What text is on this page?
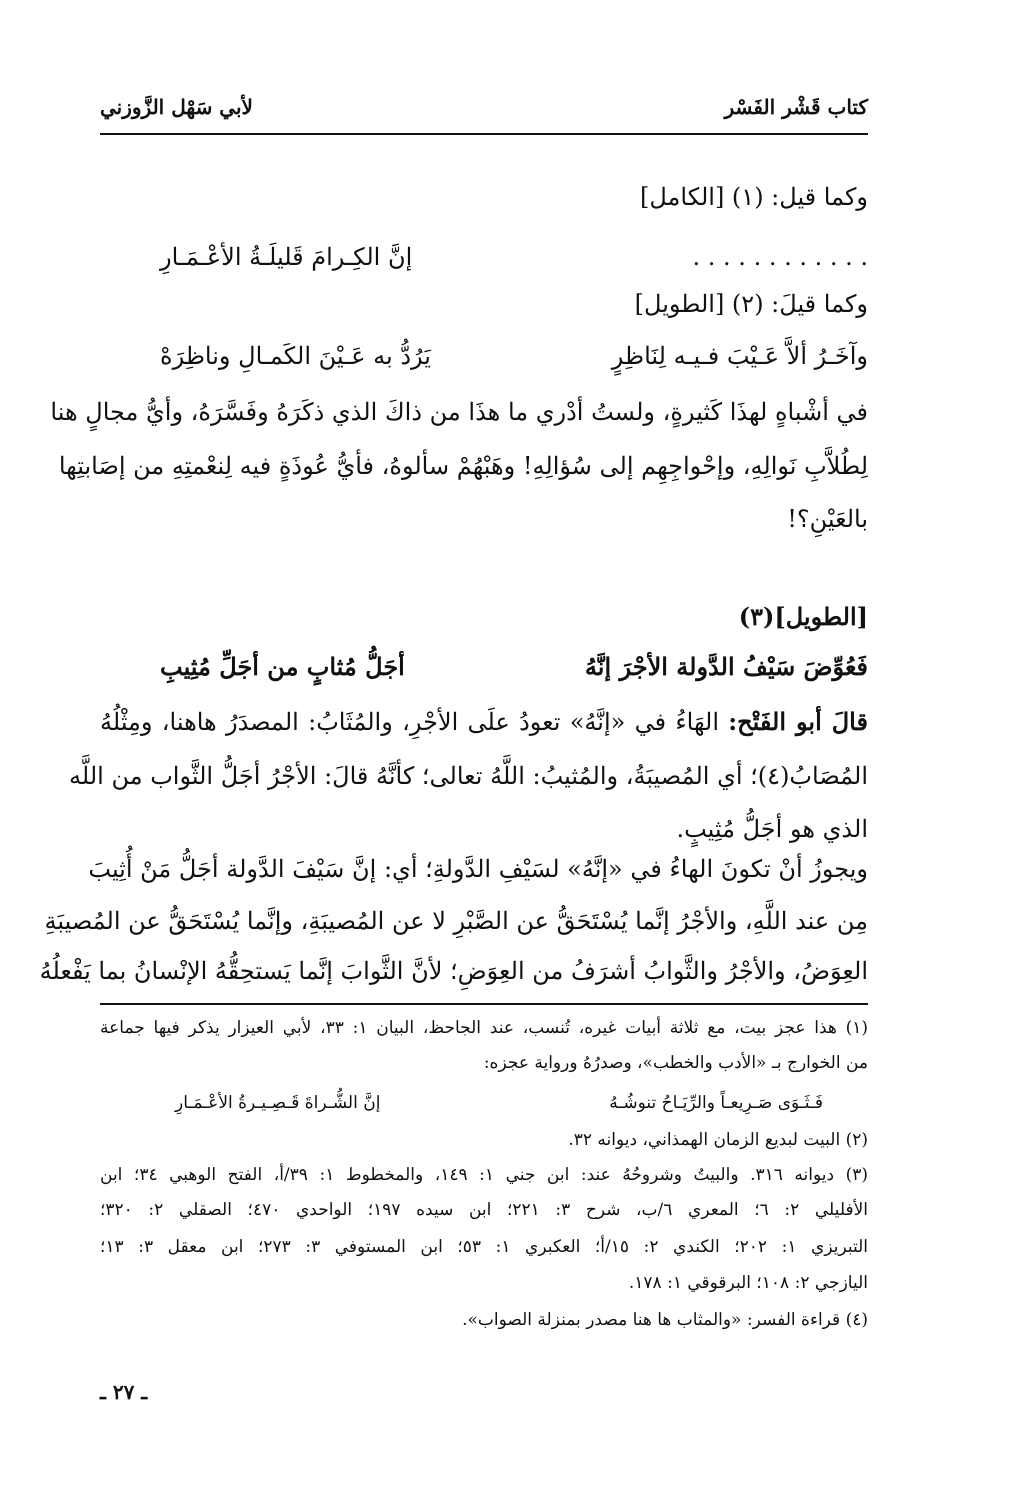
كتاب قَشْر الفَسْر
لأبي سَهْل الزَّوزني
وكما قيل: (١) [الكامل]
. . . . . . . . . . . .
إنَّ الكِـرامَ قَليلَـةُ الأعْـمَـارِ
وكما قيلَ: (٢) [الطويل]
وآخَـرُ ألاَّ عَـيْبَ فـيـه لِنَاظِرٍ
يَرُدُّ به عَـيْنَ الكَمـالِ وناظِرَهْ
في أشْباهٍ لهذَا كَثيرةٍ، ولستُ أدْري ما هذَا من ذاكَ الذي ذكَرَهُ وفَسَّرَهُ، وأيُّ مجالٍ هنا
لِطُلاَّبِ نَوالِهِ، وإحْواجِهِم إلى سُؤالِهِ! وهَبْهُمْ سألوهُ، فأيُّ عُوذَةٍ فيه لِنعْمتِهِ من إصَابتِها
بالعَيْنِ؟!
[الطويل](٣)
فَعُوِّضَ سَيْفُ الدَّولة الأجْرَ إنَّهُ
أجَلُّ مُثابٍ من أجَلِّ مُثِيبِ
قالَ أبو الفَتْح: الهَاءُ في «إنَّهُ» تعودُ علَى الأجْرِ، والمُثَابُ: المصدَرُ هاهنا، ومِثْلُهُ
المُصَابُ(٤)؛ أي المُصيبَةُ، والمُثيبُ: اللَّهُ تعالى؛ كأنَّهُ قالَ: الأجْرُ أجَلُّ الثَّواب من اللَّه
الذي هو أجَلُّ مُثِيبٍ.
ويجوزُ أنْ تكونَ الهاءُ في «إنَّهُ» لسَيْفِ الدَّولةِ؛ أي: إنَّ سَيْفَ الدَّولة أجَلُّ مَنْ أُثِيبَ
مِن عند اللَّهِ، والأجْرُ إنَّما يُسْتَحَقُّ عن الصَّبْرِ لا عن المُصيبَةِ، وإنَّما يُسْتَحَقُّ عن المُصيبَةِ
العِوَضُ، والأجْرُ والثَّوابُ أشرَفُ من العِوَضِ؛ لأنَّ الثَّوابَ إنَّما يَستحِقُّهُ الإنْسانُ بما يَفْعلُهُ
(١) هذا عجز بيت، مع ثلاثة أبيات غيره، تُنسب، عند الجاحظ، البيان ١: ٣٣، لأبي العيزار يذكر فيها جماعة
من الخوارج بـ «الأدب والخطب»، وصدرُهُ ورواية عجزه:
فَـثَـوَى صَـرِيعـاً والرِّيَـاحُ تنوشُـهُ
إنَّ الشُّـراةَ قَـصِـيـرةُ الأعْـمَـارِ
(٢) البيت لبديع الزمان الهمذاني، ديوانه ٣٢.
(٣) ديوانه ٣١٦. والبيتُ وشروحُهُ عند: ابن جني ١: ١٤٩، والمخطوط ١: ٣٩/أ، الفتح الوهبي ٣٤؛ ابن
الأفليلي ٢: ٦؛ المعري ٦/ب، شرح ٣: ٢٢١؛ ابن سيده ١٩٧؛ الواحدي ٤٧٠؛ الصقلي ٢: ٣٢٠؛
التبريزي ١: ٢٠٢؛ الكندي ٢: ١٥/أ؛ العكبري ١: ٥٣؛ ابن المستوفي ٣: ٢٧٣؛ ابن معقل ٣: ١٣؛
اليازجي ٢: ١٠٨؛ البرقوقي ١: ١٧٨.
(٤) قراءة الفسر: «والمثاب ها هنا مصدر بمنزلة الصواب».
ـ ٢٧ ـ
